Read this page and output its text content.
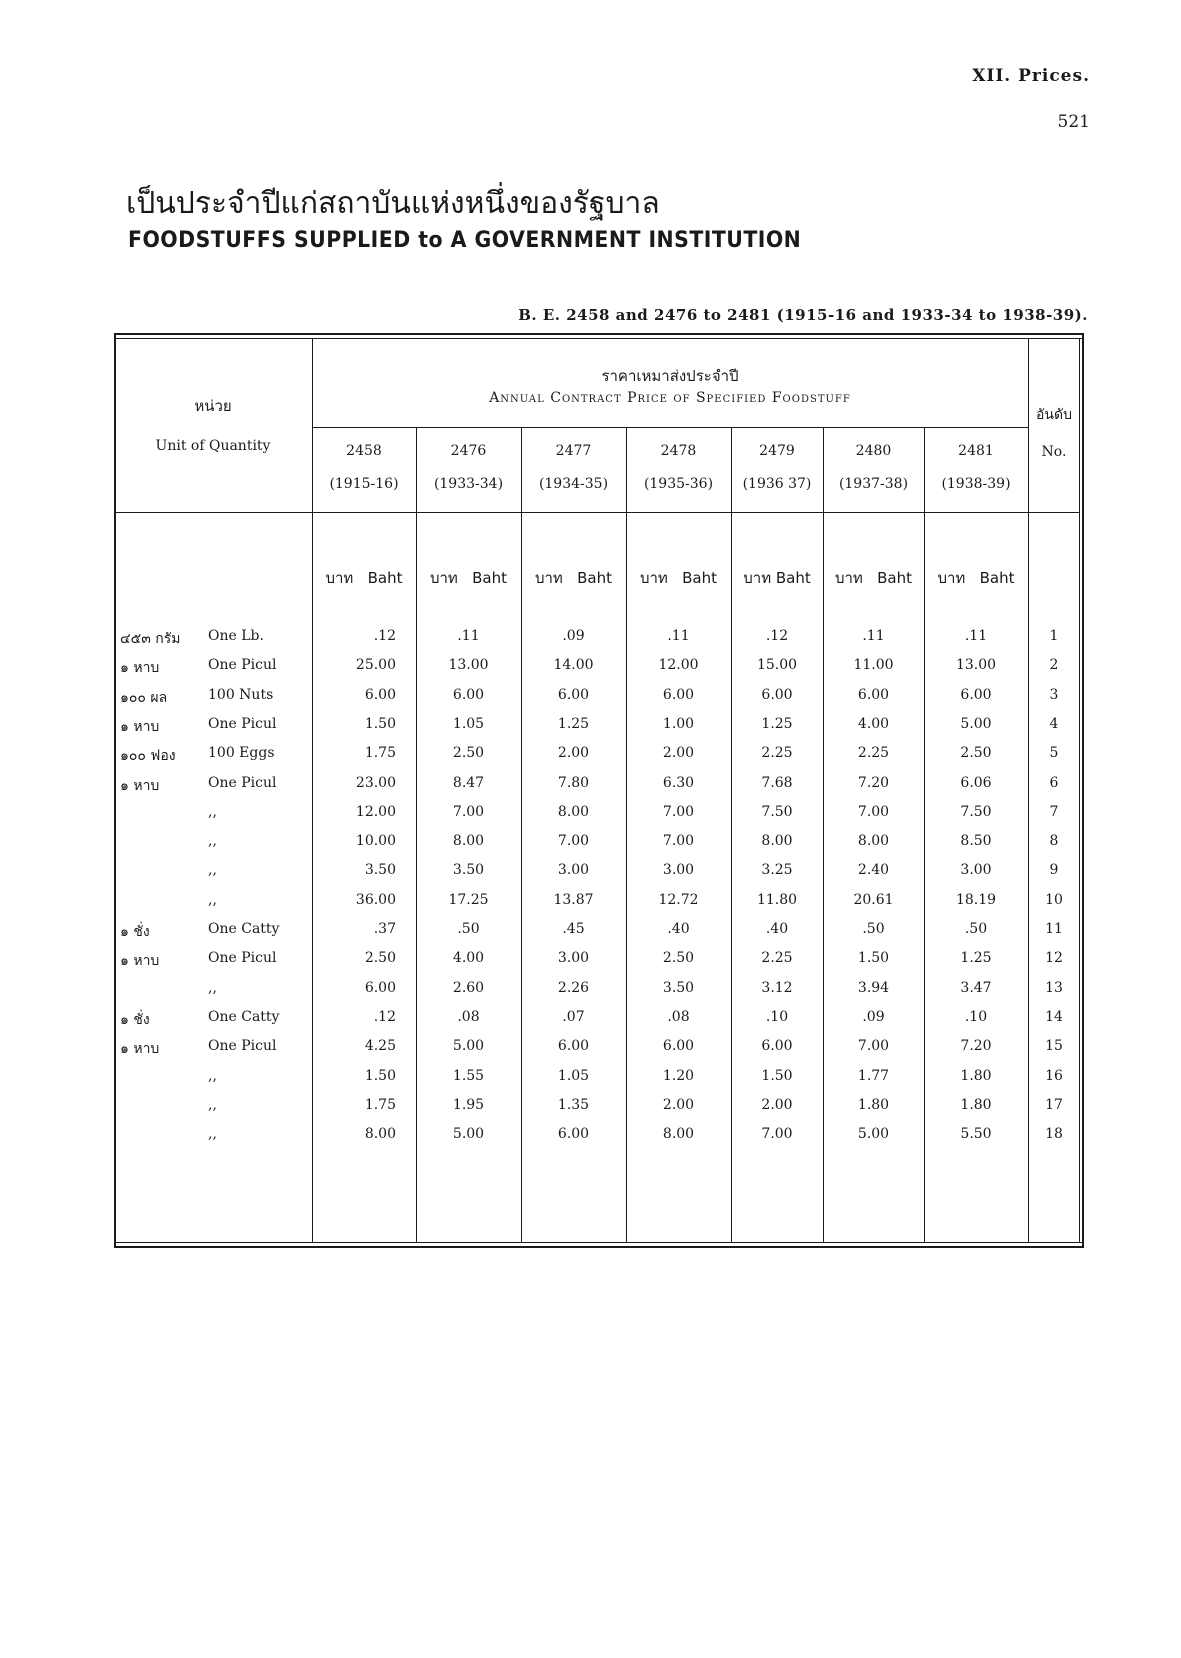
XII. Prices.
521
เป็นประจำปีแก่สถาบันแห่งหนึ่งของรัฐบาล
FOODSTUFFS SUPPLIED to A GOVERNMENT INSTITUTION
B. E. 2458 and 2476 to 2481 (1915-16 and 1933-34 to 1938-39).
หน่วย
Unit of Quantity
ราคาเหมาส่งประจำปี
Annual Contract Price of Specified Foodstuff
อันดับ
No.
2458
(1915-16)
2476
(1933-34)
2477
(1934-35)
2478
(1935-36)
2479
(1936 37)
2480
(1937-38)
2481
(1938-39)
บาท   Baht	บาท   Baht	บาท   Baht	บาท   Baht	บาท Baht	บาท   Baht	บาท   Baht
๔๕๓ กรัม One Lb.	.12	.11	.09	.11	.12	.11	.11	1
๑ หาบ	One Picul	25.00	13.00	14.00	12.00	15.00	11.00	13.00	2
๑๐๐ ผล	100 Nuts	6.00	6.00	6.00	6.00	6.00	6.00	6.00	3
๑ หาบ	One Picul	1.50	1.05	1.25	1.00	1.25	4.00	5.00	4
๑๐๐ ฟอง 100 Eggs	1.75	2.50	2.00	2.00	2.25	2.25	2.50	5
๑ หาบ	One Picul	23.00	8.47	7.80	6.30	7.68	7.20	6.06	6
,,	12.00	7.00	8.00	7.00	7.50	7.00	7.50	7
,,	10.00	8.00	7.00	7.00	8.00	8.00	8.50	8
,,	3.50	3.50	3.00	3.00	3.25	2.40	3.00	9
,,	36.00	17.25	13.87	12.72	11.80	20.61	18.19	10
๑ ชั่ง	One Catty	.37	.50	.45	.40	.40	.50	.50	11
๑ หาบ	One Picul	2.50	4.00	3.00	2.50	2.25	1.50	1.25	12
,,	6.00	2.60	2.26	3.50	3.12	3.94	3.47	13
๑ ชั่ง	One Catty	.12	.08	.07	.08	.10	.09	.10	14
๑ หาบ	One Picul	4.25	5.00	6.00	6.00	6.00	7.00	7.20	15
,,	1.50	1.55	1.05	1.20	1.50	1.77	1.80	16
,,	1.75	1.95	1.35	2.00	2.00	1.80	1.80	17
,,	8.00	5.00	6.00	8.00	7.00	5.00	5.50	18
